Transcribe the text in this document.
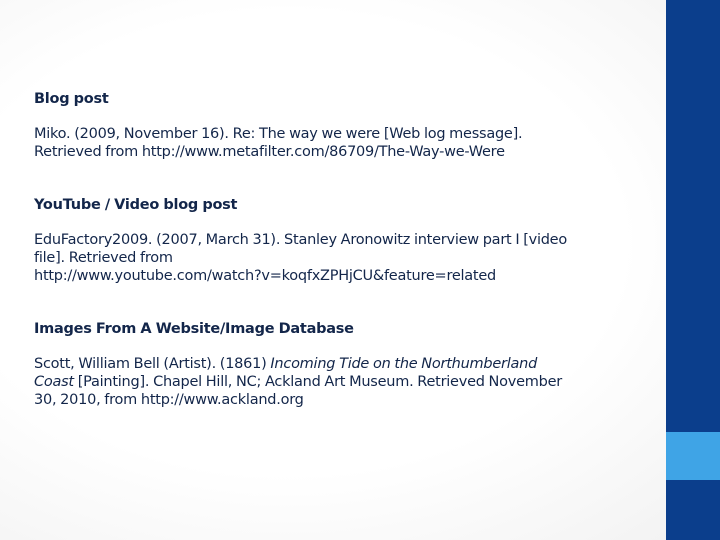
Blog post

Miko. (2009, November 16). Re: The way we were [Web log message].

Retrieved from http://www.metafilter.com/86709/The-Way-we-Were

YouTube / Video blog post

EduFactory2009. (2007, March 31). Stanley Aronowitz interview part I [video

file]. Retrieved from

http://www.youtube.com/watch?v=koqfxZPHjCU&feature=related

Images From A Website/Image Database

Scott, William Bell (Artist). (1861) Incoming Tide on the Northumberland

Coast [Painting]. Chapel Hill, NC; Ackland Art Museum. Retrieved November

30, 2010, from http://www.ackland.org
